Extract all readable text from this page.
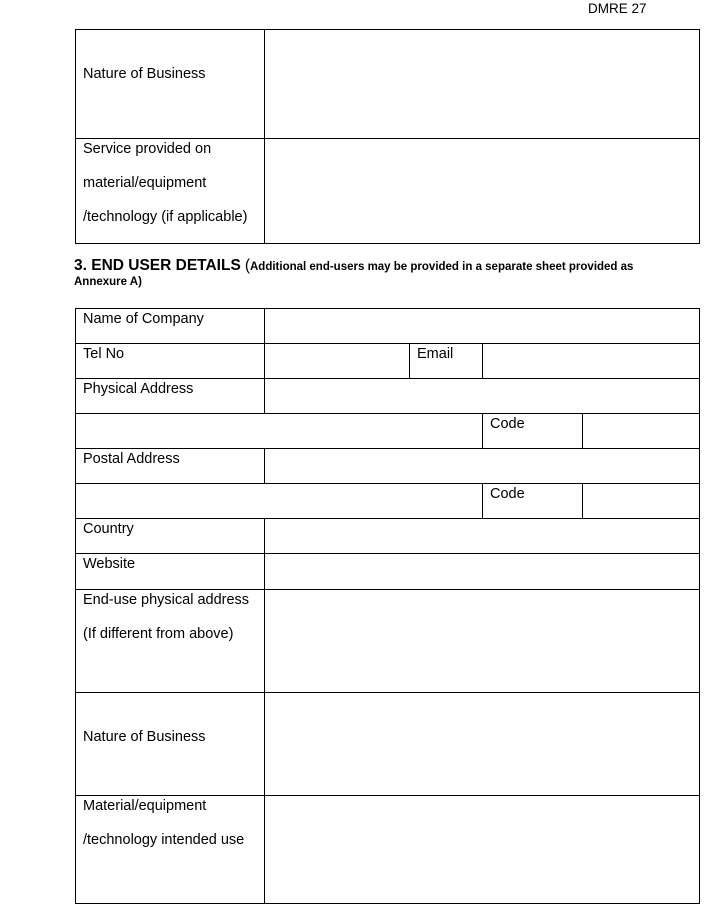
DMRE 27
Nature of Business	

Service provided on

material/equipment

/technology (if applicable)	

3. END USER DETAILS (Additional end-users may be provided in a separate sheet provided as
Annexure A)
Name of Company				
Tel No		Email		
Physical Address				
			Code	
Postal Address				
			Code	
Country				
Website				

End-use physical address

(If different from above)				

Nature of Business				

Material/equipment

/technology intended use				
